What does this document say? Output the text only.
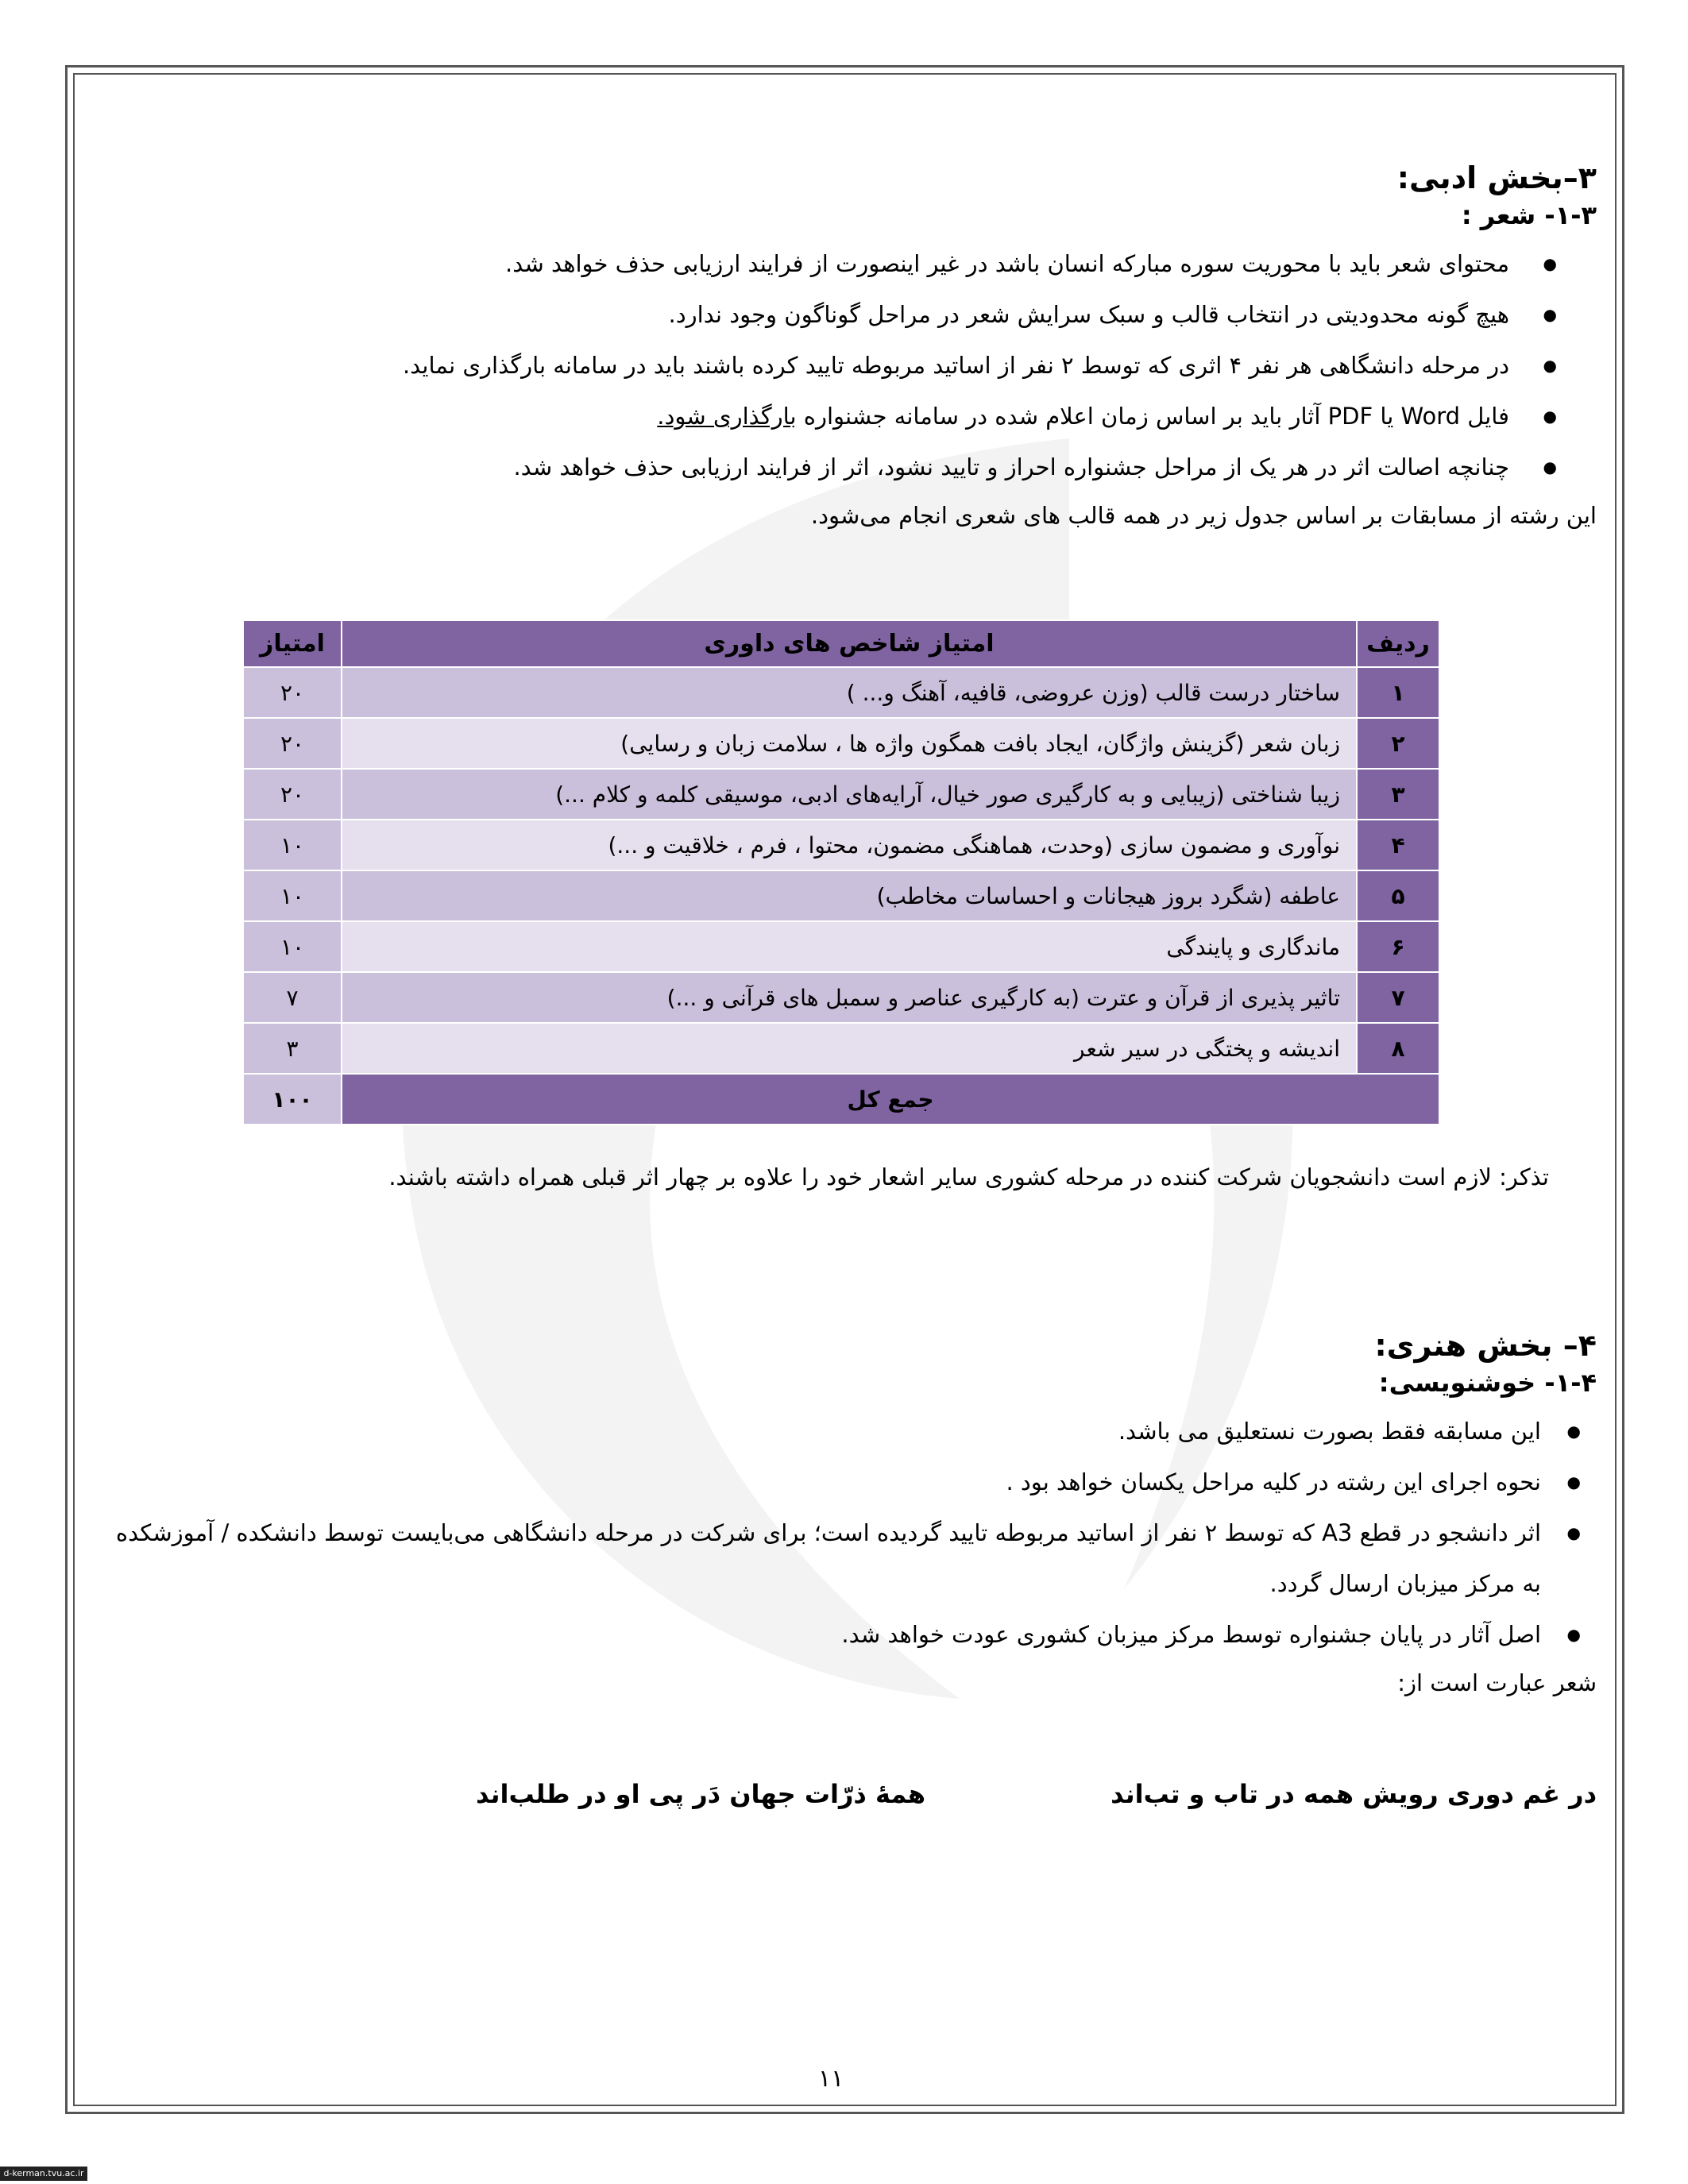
۳–بخش ادبی:
۱-۳- شعر :
● محتوای شعر باید با محوریت سوره مبارکه انسان باشد در غیر اینصورت از فرایند ارزیابی حذف خواهد شد.
● هیچ گونه محدودیتی در انتخاب قالب و سبک سرایش شعر در مراحل گوناگون وجود ندارد.
● در مرحله دانشگاهی هر نفر ۴ اثری که توسط ۲ نفر از اساتید مربوطه تایید کرده باشند باید در سامانه بارگذاری نماید.
● فایل Word یا PDF آثار باید بر اساس زمان اعلام شده در سامانه جشنواره بارگذاری شود.
● چنانچه اصالت اثر در هر یک از مراحل جشنواره احراز و تایید نشود، اثر از فرایند ارزیابی حذف خواهد شد.
این رشته از مسابقات بر اساس جدول زیر در همه قالب های شعری انجام می‌شود.
ردیف	امتیاز شاخص های داوری	امتیاز
۱	ساختار درست قالب (وزن عروضی، قافیه، آهنگ و... )	۲۰
۲	زبان شعر (گزینش واژگان، ایجاد بافت همگون واژه ها ، سلامت زبان و رسایی)	۲۰
۳	زیبا شناختی (زیبایی و به کارگیری صور خیال، آرایه‌های ادبی، موسیقی کلمه و کلام ...)	۲۰
۴	نوآوری و مضمون سازی (وحدت، هماهنگی مضمون، محتوا ، فرم ، خلاقیت و ...)	۱۰
۵	عاطفه (شگرد بروز هیجانات و احساسات مخاطب)	۱۰
۶	ماندگاری و پایندگی	۱۰
۷	تاثیر پذیری از قرآن و عترت (به کارگیری عناصر و سمبل های قرآنی و ...)	۷
۸	اندیشه و پختگی در سیر شعر	۳
جمع کل		۱۰۰
تذکر: لازم است دانشجویان شرکت کننده در مرحله کشوری سایر اشعار خود را علاوه بر چهار اثر قبلی همراه داشته باشند.
۴– بخش هنری:
۱-۴- خوشنویسی:
● این مسابقه فقط بصورت نستعلیق می باشد.
● نحوه اجرای این رشته در کلیه مراحل یکسان خواهد بود .
● اثر دانشجو در قطع A3 که توسط ۲ نفر از اساتید مربوطه تایید گردیده است؛ برای شرکت در مرحله دانشگاهی می‌بایست توسط دانشکده / آموزشکده به مرکز میزبان ارسال گردد.
● اصل آثار در پایان جشنواره توسط مرکز میزبان کشوری عودت خواهد شد.
شعر عبارت است از:
در غم دوری رویش همه در تاب و تب‌اند
همهٔ ذرّات جهان دَر پی او در طلب‌اند
۱۱
d-kerman.tvu.ac.ir
